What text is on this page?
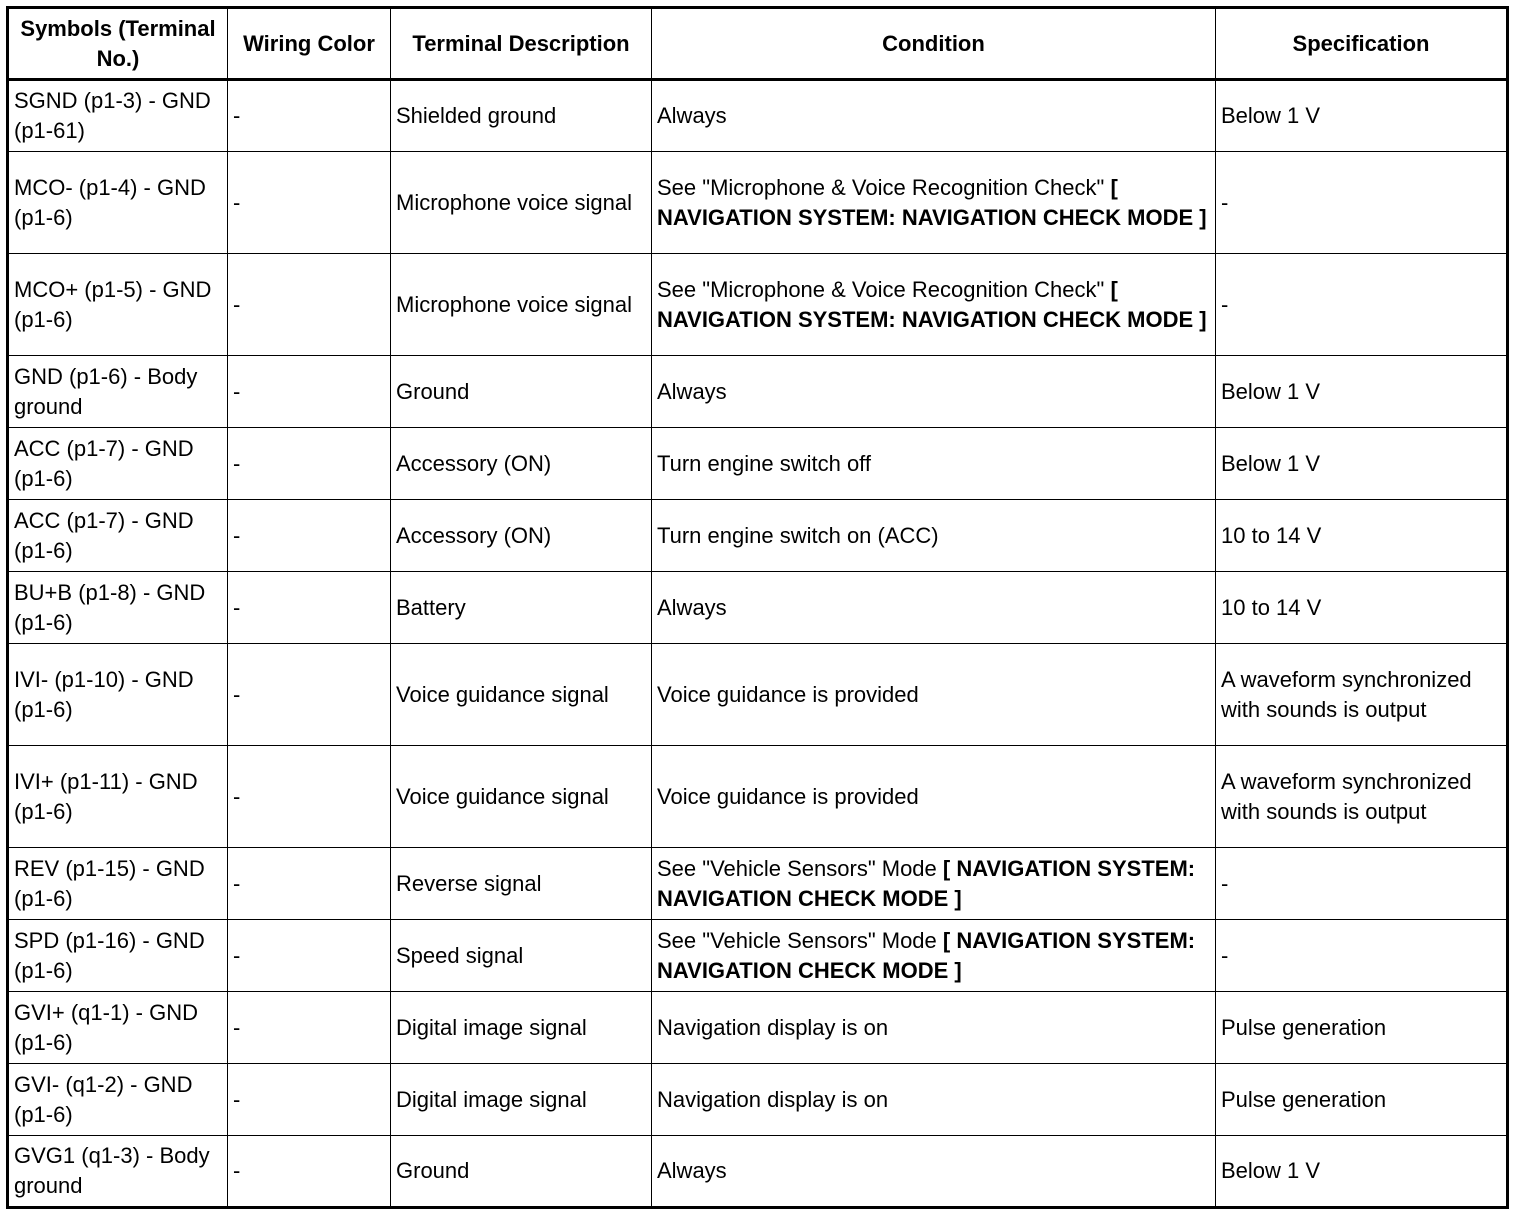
Symbols (Terminal No.)	Wiring Color	Terminal Description	Condition	Specification
SGND (p1-3) - GND (p1-61)	-	Shielded ground	Always	Below 1 V
MCO- (p1-4) - GND (p1-6)	-	Microphone voice signal	See "Microphone & Voice Recognition Check" [ NAVIGATION SYSTEM: NAVIGATION CHECK MODE ]	-
MCO+ (p1-5) - GND (p1-6)	-	Microphone voice signal	See "Microphone & Voice Recognition Check" [ NAVIGATION SYSTEM: NAVIGATION CHECK MODE ]	-
GND (p1-6) - Body ground	-	Ground	Always	Below 1 V
ACC (p1-7) - GND (p1-6)	-	Accessory (ON)	Turn engine switch off	Below 1 V
ACC (p1-7) - GND (p1-6)	-	Accessory (ON)	Turn engine switch on (ACC)	10 to 14 V
BU+B (p1-8) - GND (p1-6)	-	Battery	Always	10 to 14 V
IVI- (p1-10) - GND (p1-6)	-	Voice guidance signal	Voice guidance is provided	A waveform synchronized with sounds is output
IVI+ (p1-11) - GND (p1-6)	-	Voice guidance signal	Voice guidance is provided	A waveform synchronized with sounds is output
REV (p1-15) - GND (p1-6)	-	Reverse signal	See "Vehicle Sensors" Mode [ NAVIGATION SYSTEM: NAVIGATION CHECK MODE ]	-
SPD (p1-16) - GND (p1-6)	-	Speed signal	See "Vehicle Sensors" Mode [ NAVIGATION SYSTEM: NAVIGATION CHECK MODE ]	-
GVI+ (q1-1) - GND (p1-6)	-	Digital image signal	Navigation display is on	Pulse generation
GVI- (q1-2) - GND (p1-6)	-	Digital image signal	Navigation display is on	Pulse generation
GVG1 (q1-3) - Body ground	-	Ground	Always	Below 1 V
